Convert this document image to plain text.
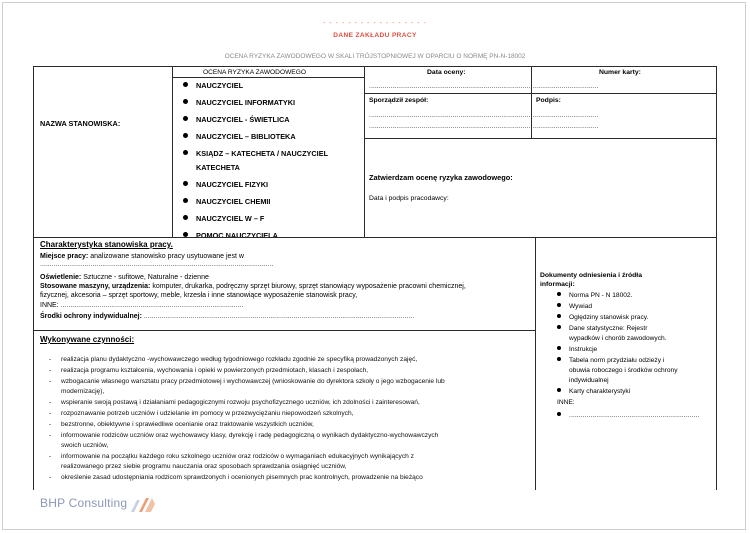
- - - - - - - - - - - - - - - - -
DANE ZAKŁADU PRACY
OCENA RYZYKA ZAWODOWEGO W SKALI TRÓJSTOPNIOWEJ W OPARCIU O NORMĘ PN-N-18002
NAZWA STANOWISKA:
OCENA RYZYKA ZAWODOWEGO
NAUCZYCIEL
NAUCZYCIEL INFORMATYKI
NAUCZYCIEL - ŚWIETLICA
NAUCZYCIEL – BIBLIOTEKA
KSIĄDZ – KATECHETA / NAUCZYCIEL
KATECHETA
NAUCZYCIEL FIZYKI
NAUCZYCIEL CHEMII
NAUCZYCIEL W – F
POMOC NAUCZYCIELA
Data oceny:
......................................................................................................................
Numer karty:
Sporządził zespół:
......................................................................................................................
......................................................................................................................
Podpis:
Zatwierdzam ocenę ryzyka zawodowego:
Data i podpis pracodawcy:
Charakterystyka stanowiska pracy.
Miejsce pracy: analizowane stanowisko pracy usytuowane jest w
........................................................................................................................
Oświetlenie: Sztuczne - sufitowe, Naturalne - dzienne
Stosowane maszyny, urządzenia: komputer, drukarka, podręczny sprzęt biurowy, sprzęt stanowiący wyposażenie pracowni chemicznej,
fizycznej, akcesoria – sprzęt sportowy, meble, krzesła i inne stanowiące wyposażenie stanowisk pracy,
INNE: ..............................................................................................
Środki ochrony indywidualnej: ...........................................................................................................................................
Wykonywane czynności:
- realizacja planu dydaktyczno -wychowawczego według tygodniowego rozkładu zgodnie ze specyfiką prowadzonych zajęć,
- realizacja programu kształcenia, wychowania i opieki w powierzonych przedmiotach, klasach i zespołach,
- wzbogacanie własnego warsztatu pracy przedmiotowej i wychowawczej (wnioskowanie do dyrektora szkoły o jego wzbogacenie lub
modernizację),
- wspieranie swoją postawą i działaniami pedagogicznymi rozwoju psychofizycznego uczniów, ich zdolności i zainteresowań,
- rozpoznawanie potrzeb uczniów i udzielanie im pomocy w przezwyciężaniu niepowodzeń szkolnych,
- bezstronne, obiektywne i sprawiedliwe ocenianie oraz traktowanie wszystkich uczniów,
- informowanie rodziców uczniów oraz wychowawcy klasy, dyrekcję i radę pedagogiczną o wynikach dydaktyczno-wychowawczych
swoich uczniów,
- informowanie na początku każdego roku szkolnego uczniów oraz rodziców o wymaganiach edukacyjnych wynikających z
realizowanego przez siebie programu nauczania oraz sposobach sprawdzania osiągnięć uczniów,
- określenie zasad udostępniania rodzicom sprawdzonych i ocenionych pisemnych prac kontrolnych, prowadzenie na bieżąco
Dokumenty odniesienia i źródła
informacji:
Norma PN - N 18002.
Wywiad
Oględziny stanowisk pracy.
Dane statystyczne: Rejestr
wypadków i chorób zawodowych.
Instrukcje
Tabela norm przydziału odzieży i
obuwia roboczego i środków ochrony
indywidualnej
Karty charakterystyki
INNE:
...................................................................
BHP Consulting
